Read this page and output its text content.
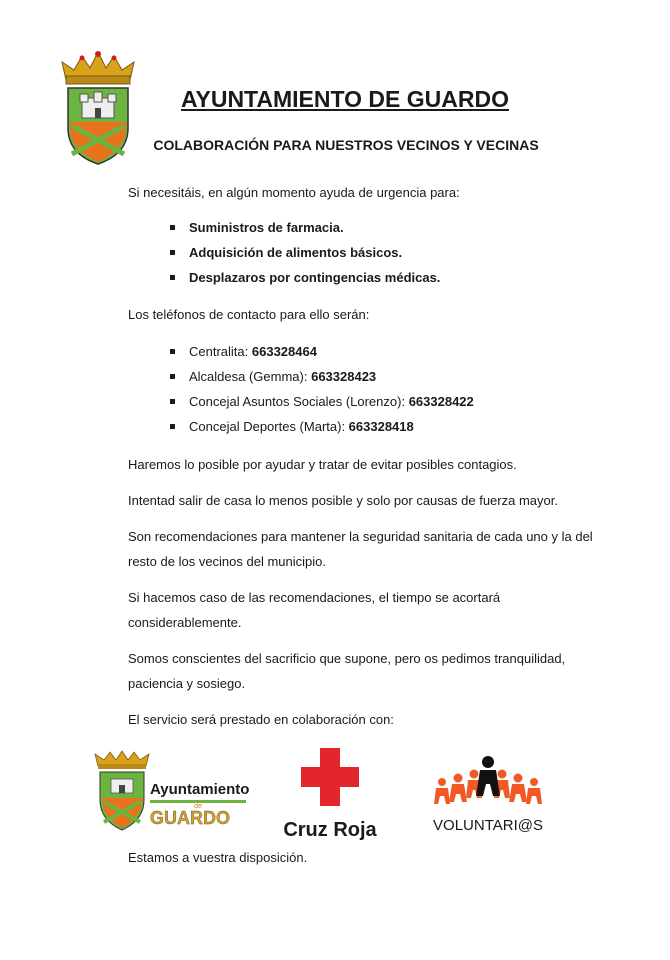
AYUNTAMIENTO DE GUARDO
COLABORACIÓN PARA NUESTROS VECINOS Y VECINAS

Si necesitáis, en algún momento ayuda de urgencia para:

Suministros de farmacia.
Adquisición de alimentos básicos.
Desplazaros por contingencias médicas.

Los teléfonos de contacto para ello serán:

Centralita: 663328464
Alcaldesa (Gemma): 663328423
Concejal Asuntos Sociales (Lorenzo): 663328422
Concejal Deportes (Marta): 663328418

Haremos lo posible por ayudar y tratar de evitar posibles contagios.

Intentad salir de casa lo menos posible y solo por causas de fuerza mayor.

Son recomendaciones para mantener la seguridad sanitaria de cada uno y la del resto de los vecinos del municipio.

Si hacemos caso de las recomendaciones, el tiempo se acortará considerablemente.

Somos conscientes del sacrificio que supone, pero os pedimos tranquilidad, paciencia y sosiego.

El servicio será prestado en colaboración con:

Ayuntamiento
de
GUARDO
Cruz Roja	VOLUNTARI@S
Estamos a vuestra disposición.
